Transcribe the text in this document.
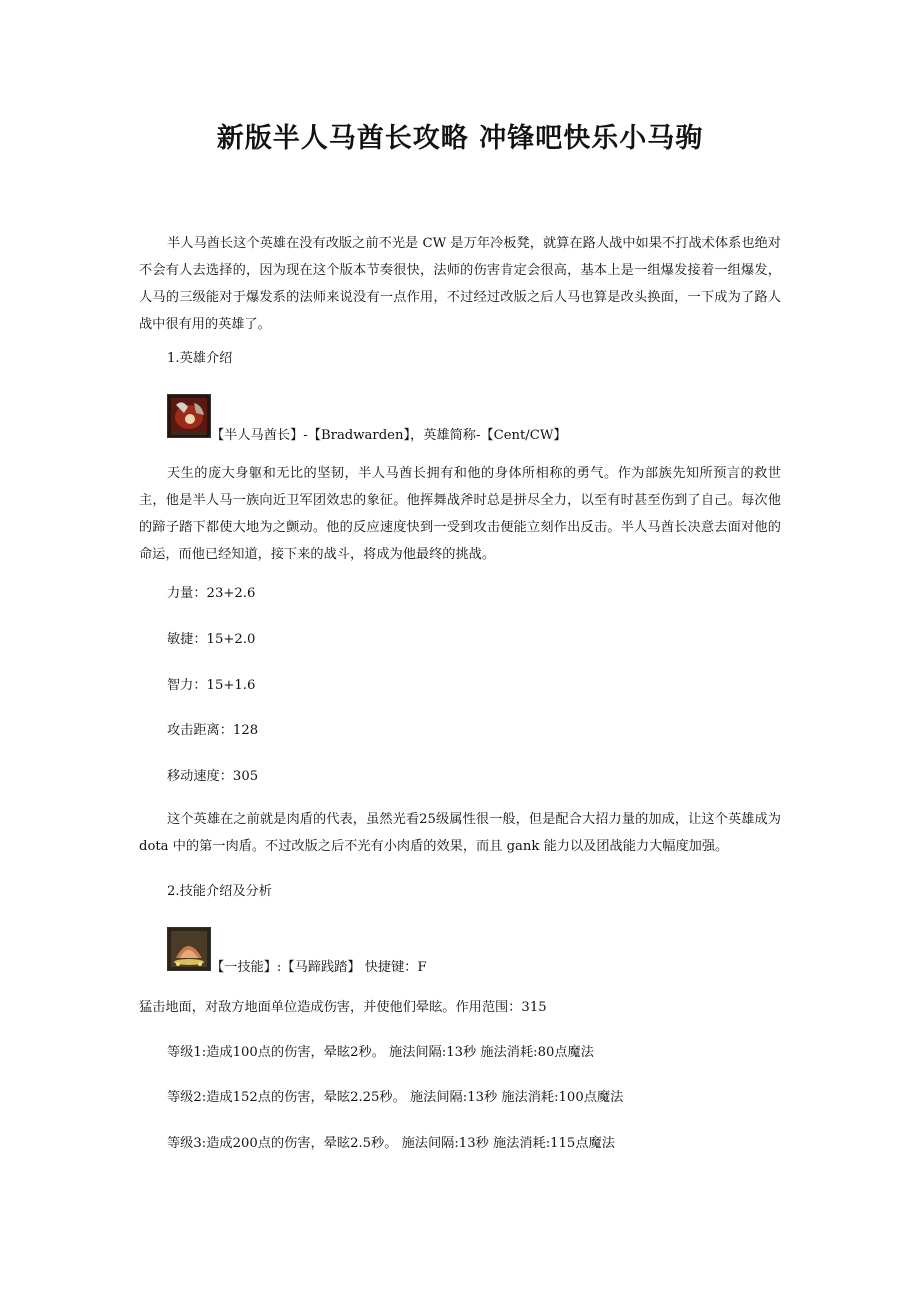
新版半人马酋长攻略 冲锋吧快乐小马驹

半人马酋长这个英雄在没有改版之前不光是 CW 是万年冷板凳，就算在路人战中如果不打战术体系也绝对不会有人去选择的，因为现在这个版本节奏很快，法师的伤害肯定会很高，基本上是一组爆发接着一组爆发，人马的三级能对于爆发系的法师来说没有一点作用，不过经过改版之后人马也算是改头换面，一下成为了路人战中很有用的英雄了。

1.英雄介绍
【半人马酋长】-【Bradwarden】，英雄简称-【Cent/CW】

天生的庞大身躯和无比的坚韧，半人马酋长拥有和他的身体所相称的勇气。作为部族先知所预言的救世主，他是半人马一族向近卫军团效忠的象征。他挥舞战斧时总是拼尽全力，以至有时甚至伤到了自己。每次他的蹄子踏下都使大地为之颤动。他的反应速度快到一受到攻击便能立刻作出反击。半人马酋长决意去面对他的命运，而他已经知道，接下来的战斗，将成为他最终的挑战。

力量：23+2.6
敏捷：15+2.0
智力：15+1.6
攻击距离：128
移动速度：305

这个英雄在之前就是肉盾的代表，虽然光看25级属性很一般，但是配合大招力量的加成，让这个英雄成为 dota 中的第一肉盾。不过改版之后不光有小肉盾的效果，而且 gank 能力以及团战能力大幅度加强。

2.技能介绍及分析
【一技能】:【马蹄践踏】 快捷键：F
猛击地面，对敌方地面单位造成伤害，并使他们晕眩。作用范围：315
等级1:造成100点的伤害，晕眩2秒。 施法间隔:13秒 施法消耗:80点魔法
等级2:造成152点的伤害，晕眩2.25秒。 施法间隔:13秒 施法消耗:100点魔法
等级3:造成200点的伤害，晕眩2.5秒。 施法间隔:13秒 施法消耗:115点魔法
